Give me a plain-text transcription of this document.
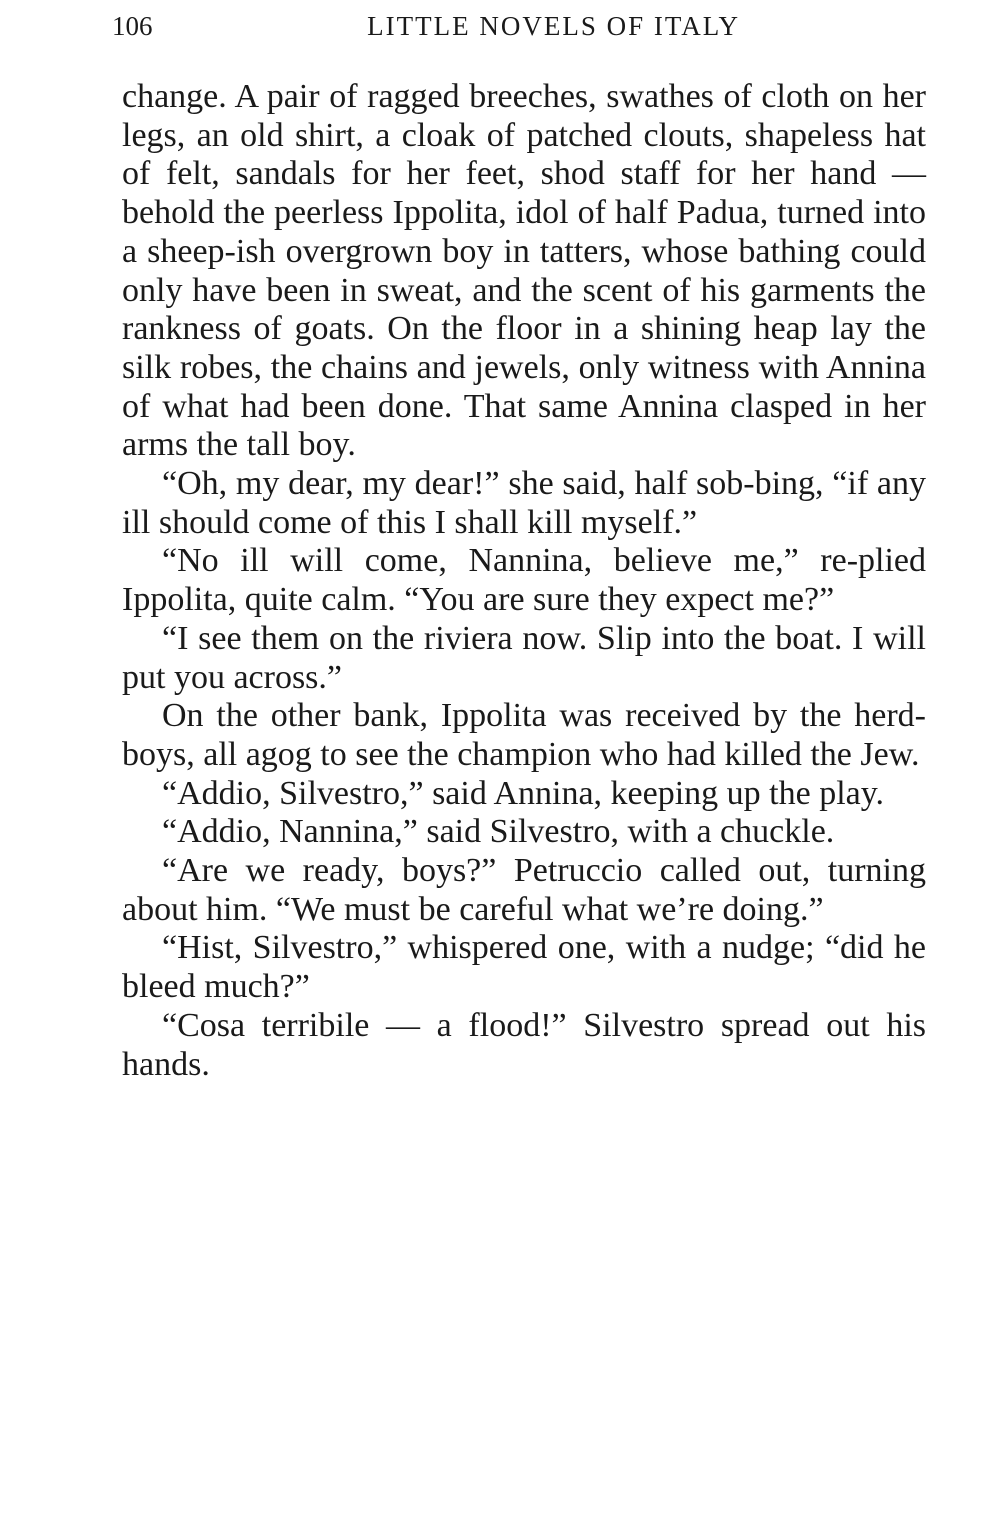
106	LITTLE NOVELS OF ITALY

change. A pair of ragged breeches, swathes of cloth on her legs, an old shirt, a cloak of patched clouts, shapeless hat of felt, sandals for her feet, shod staff for her hand — behold the peerless Ippolita, idol of half Padua, turned into a sheep-ish overgrown boy in tatters, whose bathing could only have been in sweat, and the scent of his garments the rankness of goats. On the floor in a shining heap lay the silk robes, the chains and jewels, only witness with Annina of what had been done. That same Annina clasped in her arms the tall boy.

“Oh, my dear, my dear!” she said, half sob-bing, “if any ill should come of this I shall kill myself.”

“No ill will come, Nannina, believe me,” re-plied Ippolita, quite calm. “You are sure they expect me?”

“I see them on the riviera now. Slip into the boat. I will put you across.”

On the other bank, Ippolita was received by the herd-boys, all agog to see the champion who had killed the Jew.

“Addio, Silvestro,” said Annina, keeping up the play.

“Addio, Nannina,” said Silvestro, with a chuckle.

“Are we ready, boys?” Petruccio called out, turning about him. “We must be careful what we’re doing.”

“Hist, Silvestro,” whispered one, with a nudge; “did he bleed much?”

“Cosa terribile — a flood!” Silvestro spread out his hands.
